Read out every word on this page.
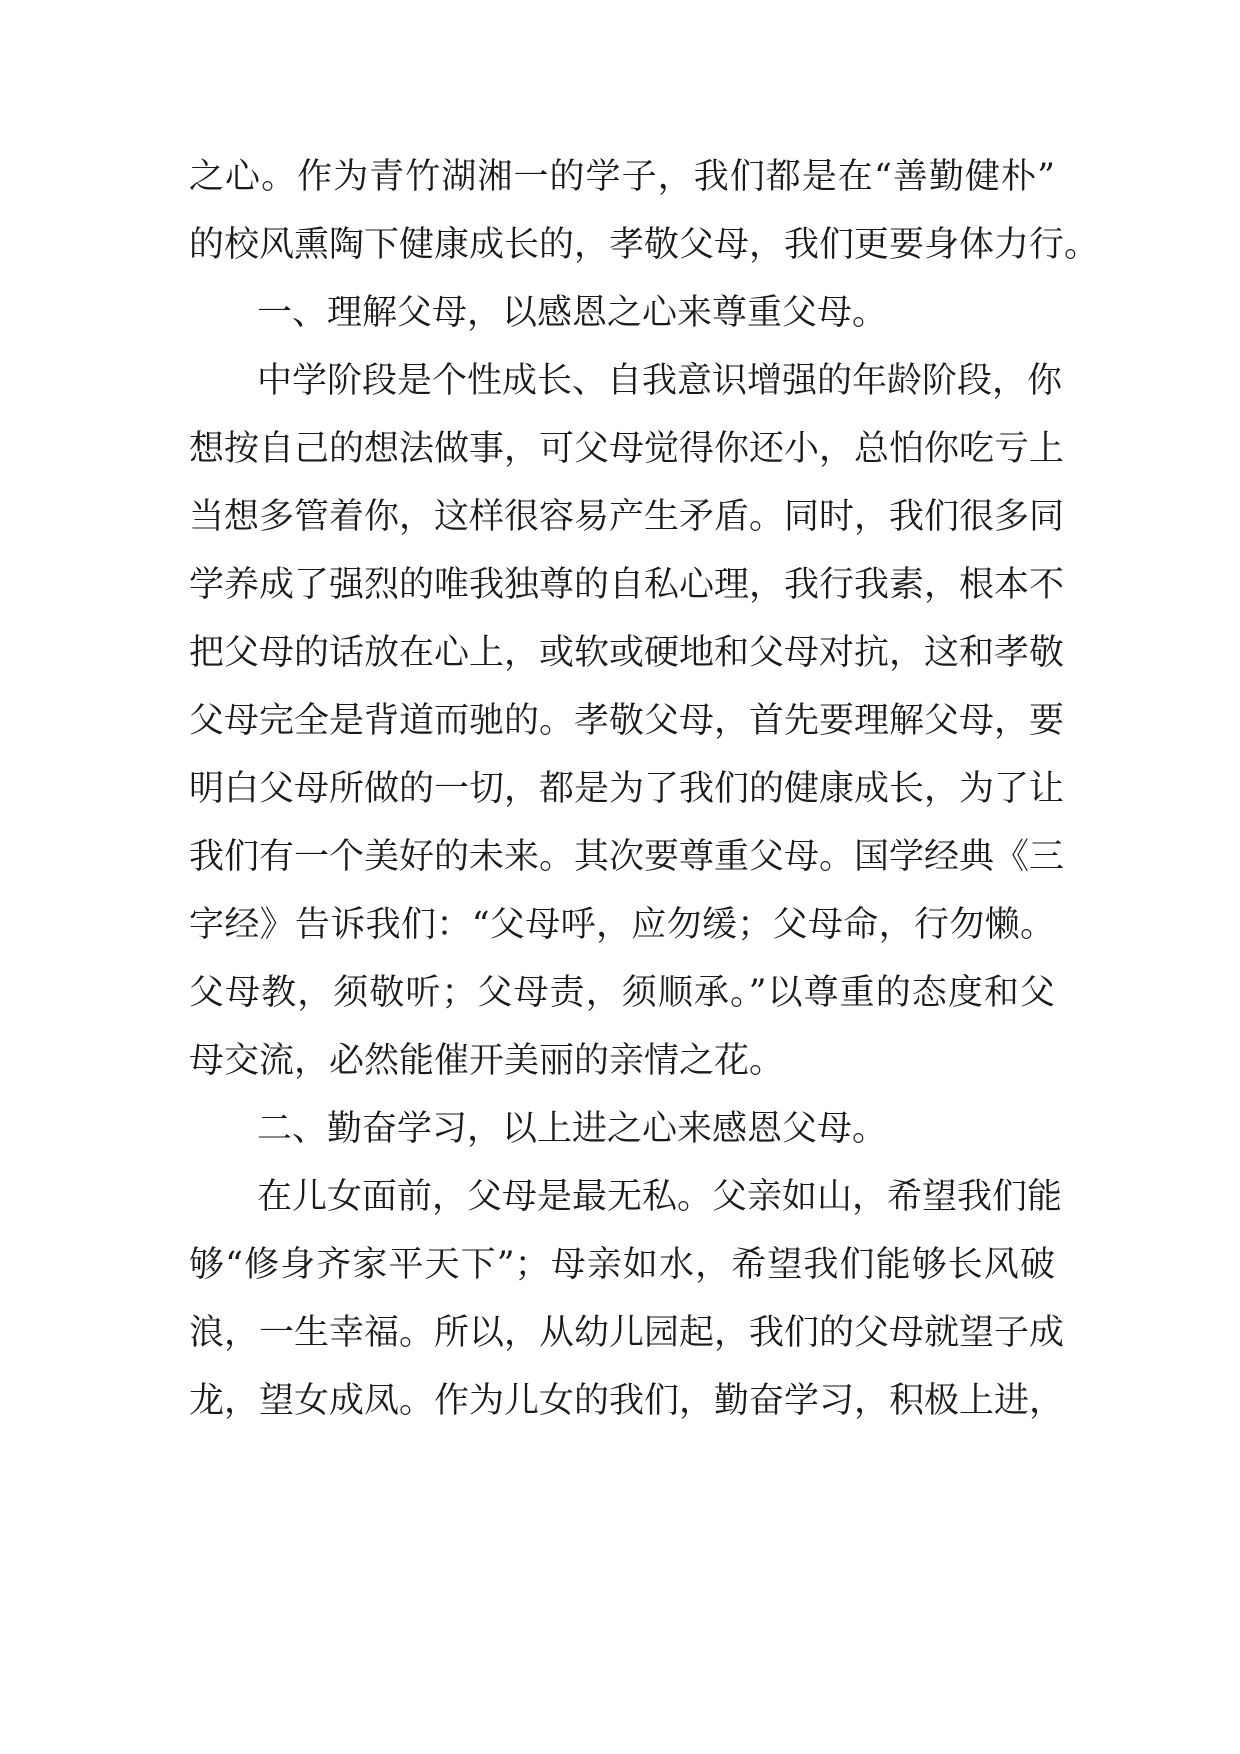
之心。作为青竹湖湘一的学子，我们都是在“善勤健朴”
的校风熏陶下健康成长的，孝敬父母，我们更要身体力行。
一、理解父母，以感恩之心来尊重父母。
中学阶段是个性成长、自我意识增强的年龄阶段，你
想按自己的想法做事，可父母觉得你还小，总怕你吃亏上
当想多管着你，这样很容易产生矛盾。同时，我们很多同
学养成了强烈的唯我独尊的自私心理，我行我素，根本不
把父母的话放在心上，或软或硬地和父母对抗，这和孝敬
父母完全是背道而驰的。孝敬父母，首先要理解父母，要
明白父母所做的一切，都是为了我们的健康成长，为了让
我们有一个美好的未来。其次要尊重父母。国学经典《三
字经》告诉我们：“父母呼，应勿缓；父母命，行勿懒。
父母教，须敬听；父母责，须顺承。”以尊重的态度和父
母交流，必然能催开美丽的亲情之花。
二、勤奋学习，以上进之心来感恩父母。
在儿女面前，父母是最无私。父亲如山，希望我们能
够“修身齐家平天下”；母亲如水，希望我们能够长风破
浪，一生幸福。所以，从幼儿园起，我们的父母就望子成
龙，望女成凤。作为儿女的我们，勤奋学习，积极上进，
